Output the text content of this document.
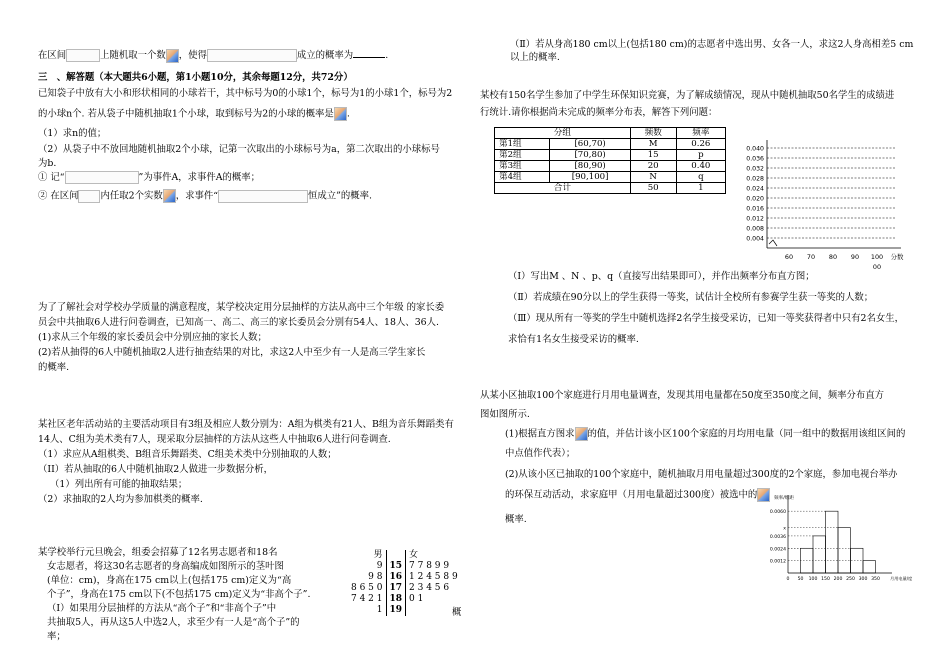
在区间	上随机取一个数 ，使得	成立的概率为	.
三　、解答题（本大题共6小题，第1小题10分，其余每题12分，共72分）
已知袋子中放有大小和形状相同的小球若干，其中标号为0的小球1个，标号为1的小球1个，标号为2
的小球n个. 若从袋子中随机抽取1个小球，取到标号为2的小球的概率是 .
（1）求n的值；
（2）从袋子中不放回地随机抽取2个小球，记第一次取出的小球标号为a，第二次取出的小球标号
为b.
① 记“	”为事件A，求事件A的概率；
② 在区间 内任取2个实数 ，求事件“	恒成立”的概率.
为了了解社会对学校办学质量的满意程度，某学校决定用分层抽样的方法从高中三个年级 的家长委
员会中共抽取6人进行问卷调查，已知高一、高二、高三的家长委员会分别有54人、18人、36人.
(1)求从三个年级的家长委员会中分别应抽的家长人数；
(2)若从抽得的6人中随机抽取2人进行抽查结果的对比，求这2人中至少有一人是高三学生家长
的概率.
某社区老年活动站的主要活动项目有3组及相应人数分别为：A组为棋类有21人、B组为音乐舞蹈类有
14人、C组为美术类有7人，现采取分层抽样的方法从这些人中抽取6人进行问卷调查.
（1）求应从A组棋类、B组音乐舞蹈类、C组美术类中分别抽取的人数；
（II）若从抽取的6人中随机抽取2人做进一步数据分析，
（1）列出所有可能的抽取结果；
（2）求抽取的2人均为参加棋类的概率.
某学校举行元旦晚会，组委会招募了12名男志愿者和18名
女志愿者，将这30名志愿者的身高编成如图所示的茎叶图
(单位：cm)，身高在175 cm以上(包括175 cm)定义为“高
个子”，身高在175 cm以下(不包括175 cm)定义为“非高个子”.
（Ⅰ）如果用分层抽样的方法从“高个子”和“非高个子”中
共抽取5人，再从这5人中选2人，求至少有一人是“高个子”的
率；
概
男		女
9	15	7 7 8 9 9
9 8	16	1 2 4 5 8 9
8 6 5 0	17	2 3 4 5 6
7 4 2 1	18	0 1
1	19	
（Ⅱ）若从身高180 cm以上(包括180 cm)的志愿者中选出男、女各一人，求这2人身高相差5 cm
以上的概率.
某校有150名学生参加了中学生环保知识竞赛，为了解成绩情况，现从中随机抽取50名学生的成绩进
行统计.请你根据尚未完成的频率分布表，解答下列问题：
分组		频数	频率
第1组	[60,70)	M	0.26
第2组	[70,80)	15	p
第3组	[80,90)	20	0.40
第4组	[90,100]	N	q
合计		50	1
0.004
0.008
0.012
0.016
0.020
0.024
0.028
0.032
0.036
0.040
60 70 80 90 100
00
分数
（Ⅰ）写出M 、N 、p、q（直接写出结果即可），并作出频率分布直方图；
（Ⅱ）若成绩在90分以上的学生获得一等奖，试估计全校所有参赛学生获一等奖的人数；
（Ⅲ）现从所有一等奖的学生中随机选择2名学生接受采访，已知一等奖获得者中只有2名女生，
求恰有1名女生接受采访的概率.
从某小区抽取100个家庭进行月用电量调查，发现其用电量都在50度至350度之间，频率分布直方
图如图所示.
(1)根据直方图求 的值，并估计该小区100个家庭的月均用电量（同一组中的数据用该组区间的
中点值作代表）；
(2)从该小区已抽取的100个家庭中，随机抽取月用电量超过300度的2个家庭，参加电视台举办
的环保互动活动，求家庭甲（月用电量超过300度）被选中的
概率.
0.0012
0.0024
0.0036
x
0.0060
0 50 100 150 200 250 300 350 月用电量/度
频率/组距
